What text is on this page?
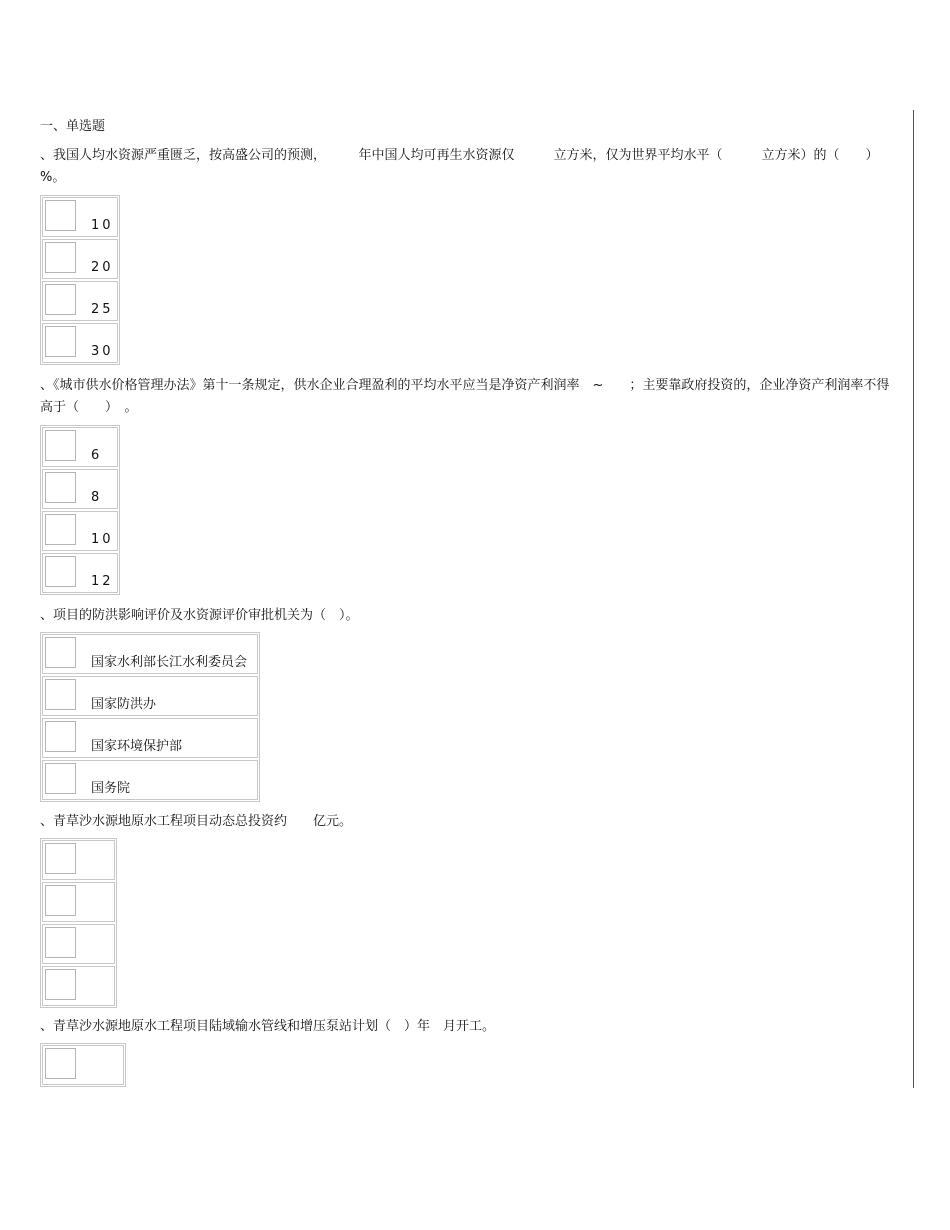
一、单选题
、我国人均水资源严重匮乏，按高盛公司的预测，　　　年中国人均可再生水资源仅　　　立方米，仅为世界平均水平（　　　立方米）的（　　）%。
10
20
25
30
、《城市供水价格管理办法》第十一条规定，供水企业合理盈利的平均水平应当是净资产利润率　~　　；主要靠政府投资的，企业净资产利润率不得高于（　　）　。
6
8
10
12
、项目的防洪影响评价及水资源评价审批机关为（　）。
国家水利部长江水利委员会
国家防洪办
国家环境保护部
国务院
、青草沙水源地原水工程项目动态总投资约　　亿元。
、青草沙水源地原水工程项目陆域输水管线和增压泵站计划（　）年　月开工。
